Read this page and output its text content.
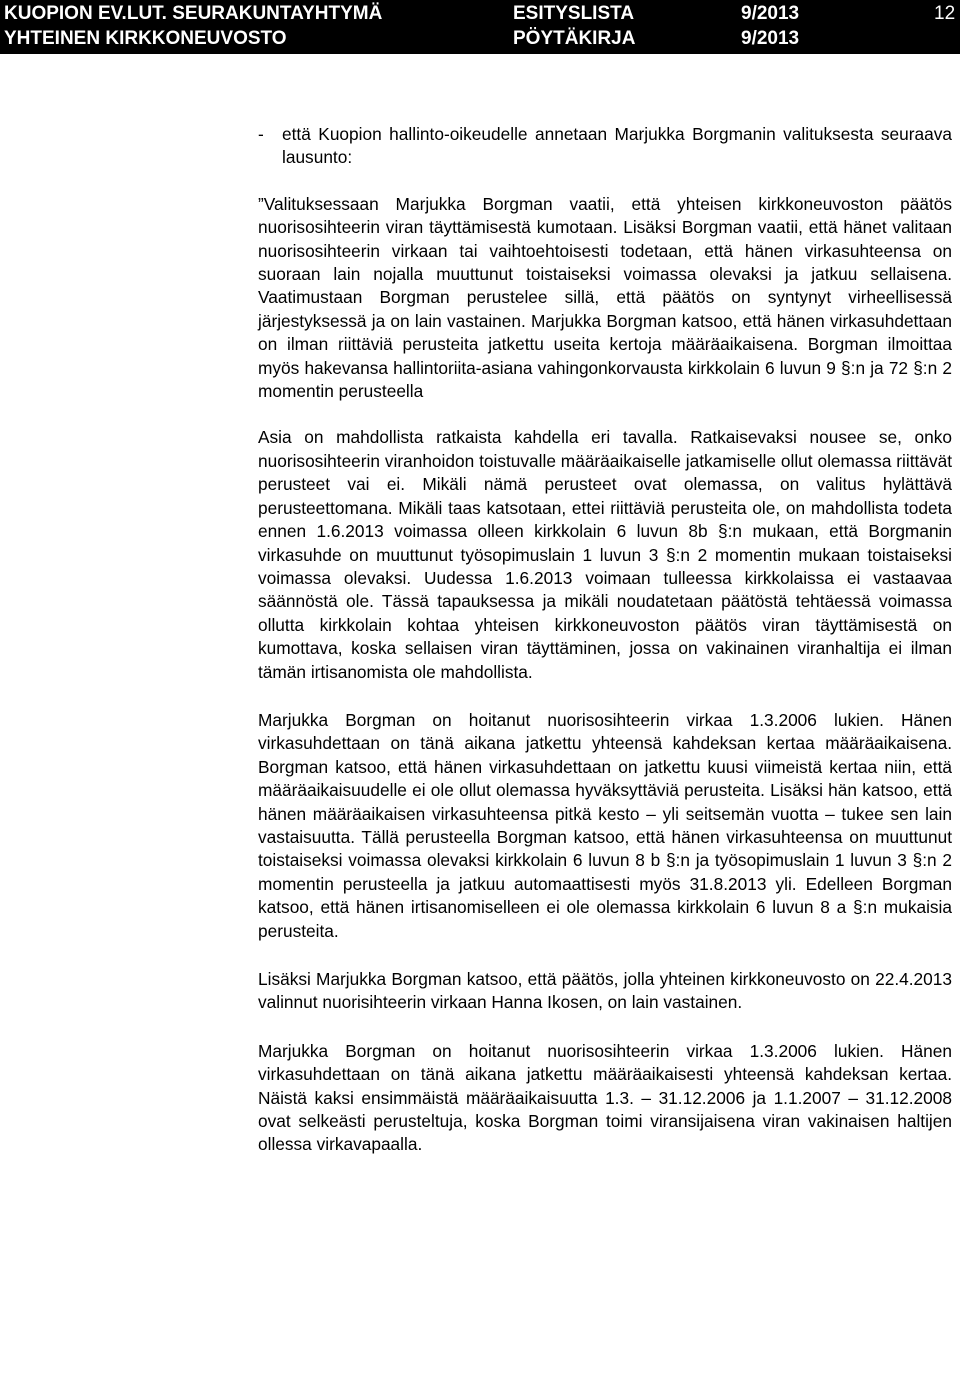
KUOPION EV.LUT. SEURAKUNTAYHTYMÄ	ESITYSLISTA	9/2013	12
YHTEINEN KIRKKONEUVOSTO	PÖYTÄKIRJA	9/2013
- että Kuopion hallinto-oikeudelle annetaan Marjukka Borgmanin valituksesta seuraava lausunto:

”Valituksessaan Marjukka Borgman vaatii, että yhteisen kirkkoneuvoston päätös nuorisosihteerin viran täyttämisestä kumotaan. Lisäksi Borgman vaatii, että hänet valitaan nuorisosihteerin virkaan tai vaihtoehtoisesti todetaan, että hänen virkasuhteensa on suoraan lain nojalla muuttunut toistaiseksi voimassa olevaksi ja jatkuu sellaisena. Vaatimustaan Borgman perustelee sillä, että päätös on syntynyt virheellisessä järjestyksessä ja on lain vastainen. Marjukka Borgman katsoo, että hänen virkasuhdettaan on ilman riittäviä perusteita jatkettu useita kertoja määräaikaisena. Borgman ilmoittaa myös hakevansa hallintoriita-asiana vahingonkorvausta kirkkolain 6 luvun 9 §:n ja 72 §:n 2 momentin perusteella

Asia on mahdollista ratkaista kahdella eri tavalla. Ratkaisevaksi nousee se, onko nuorisosihteerin viranhoidon toistuvalle määräaikaiselle jatkamiselle ollut olemassa riittävät perusteet vai ei. Mikäli nämä perusteet ovat olemassa, on valitus hylättävä perusteettomana. Mikäli taas katsotaan, ettei riittäviä perusteita ole, on mahdollista todeta ennen 1.6.2013 voimassa olleen kirkkolain 6 luvun 8b §:n mukaan, että Borgmanin virkasuhde on muuttunut työsopimuslain 1 luvun 3 §:n 2 momentin mukaan toistaiseksi voimassa olevaksi. Uudessa 1.6.2013 voimaan tulleessa kirkkolaissa ei vastaavaa säännöstä ole. Tässä tapauksessa ja mikäli noudatetaan päätöstä tehtäessä voimassa ollutta kirkkolain kohtaa yhteisen kirkkoneuvoston päätös viran täyttämisestä on kumottava, koska sellaisen viran täyttäminen, jossa on vakinainen viranhaltija ei ilman tämän irtisanomista ole mahdollista.

Marjukka Borgman on hoitanut nuorisosihteerin virkaa 1.3.2006 lukien. Hänen virkasuhdettaan on tänä aikana jatkettu yhteensä kahdeksan kertaa määräaikaisena. Borgman katsoo, että hänen virkasuhdettaan on jatkettu kuusi viimeistä kertaa niin, että määräaikaisuudelle ei ole ollut olemassa hyväksyttäviä perusteita. Lisäksi hän katsoo, että hänen määräaikaisen virkasuhteensa pitkä kesto – yli seitsemän vuotta – tukee sen lain vastaisuutta. Tällä perusteella Borgman katsoo, että hänen virkasuhteensa on muuttunut toistaiseksi voimassa olevaksi kirkkolain 6 luvun 8 b §:n ja työsopimuslain 1 luvun 3 §:n 2 momentin perusteella ja jatkuu automaattisesti myös 31.8.2013 yli. Edelleen Borgman katsoo, että hänen irtisanomiselleen ei ole olemassa kirkkolain 6 luvun 8 a §:n mukaisia perusteita.

Lisäksi Marjukka Borgman katsoo, että päätös, jolla yhteinen kirkkoneuvosto on 22.4.2013 valinnut nuorisihteerin virkaan Hanna Ikosen, on lain vastainen.

Marjukka Borgman on hoitanut nuorisosihteerin virkaa 1.3.2006 lukien. Hänen virkasuhdettaan on tänä aikana jatkettu määräaikaisesti yhteensä kahdeksan kertaa. Näistä kaksi ensimmäistä määräaikaisuutta 1.3. – 31.12.2006 ja 1.1.2007 – 31.12.2008 ovat selkeästi perusteltuja, koska Borgman toimi viransijaisena viran vakinaisen haltijen ollessa virkavapaalla.
